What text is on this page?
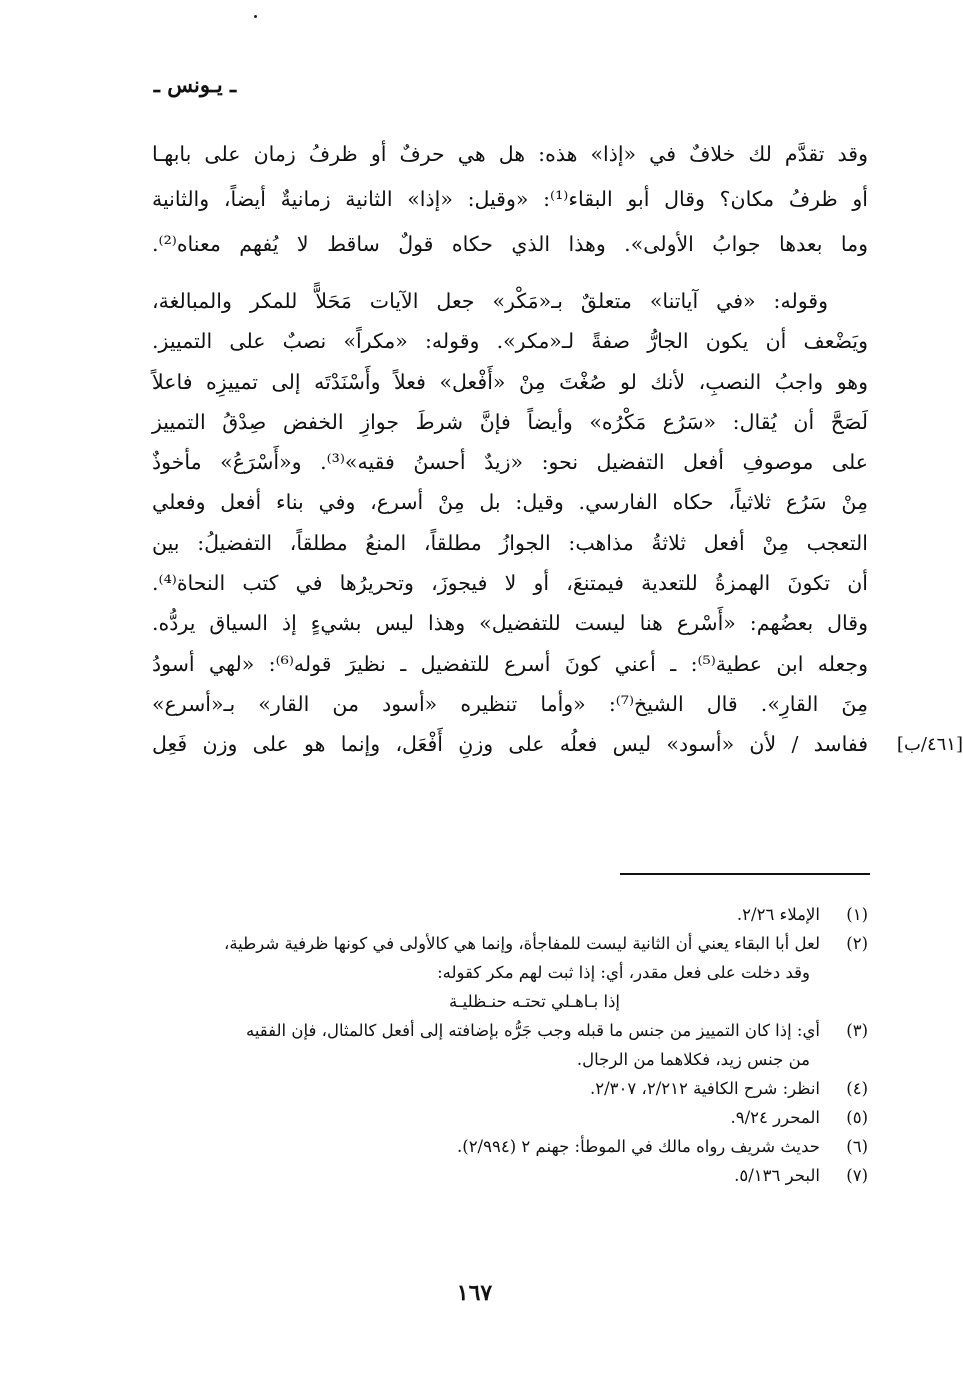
ـ يـونس ـ
وقد تقدَّم لك خلافٌ في «إذا» هذه: هل هي حرفٌ أو ظرفُ زمان على بابهـا
أو ظرفُ مكان؟ وقال أبو البقاء⁽¹⁾: «وقيل: «إذا» الثانية زمانيةٌ أيضاً، والثانية
وما بعدها جوابُ الأولى». وهذا الذي حكاه قولٌ ساقط لا يُفهم معناه⁽²⁾.
وقوله: «في آياتنا» متعلقٌ بـ«مَكْر» جعل الآيات مَحَلاًّ للمكر والمبالغة،
ويَضْعف أن يكون الجارُّ صفةً لـ«مكر». وقوله: «مكراً» نصبٌ على التمييز.
وهو واجبُ النصبِ، لأنك لو صُغْتَ مِنْ «أَفْعل» فعلاً وأَسْنَدْتَه إلى تمييزِه فاعلاً
لَصَحَّ أن يُقال: «سَرُع مَكْرُه» وأيضاً فإنَّ شرطَ جوازِ الخفض صِدْقُ التمييز
على موصوفِ أفعل التفضيل نحو: «زيدٌ أحسنُ فقيه»⁽³⁾. و«أَسْرَعُ» مأخوذٌ
مِنْ سَرُع ثلاثياً، حكاه الفارسي. وقيل: بل مِنْ أسرع، وفي بناء أفعل وفعلي
التعجب مِنْ أفعل ثلاثةُ مذاهب: الجوازُ مطلقاً، المنعُ مطلقاً، التفضيلُ: بين
أن تكونَ الهمزةُ للتعدية فيمتنعَ، أو لا فيجوزَ، وتحريرُها في كتب النحاة⁽⁴⁾.
وقال بعضُهم: «أَسْرع هنا ليست للتفضيل» وهذا ليس بشيءٍ إذ السياق يردُّه.
وجعله ابن عطية⁽⁵⁾: ـ أعني كونَ أسرع للتفضيل ـ نظيرَ قوله⁽⁶⁾: «لهي أسودُ
مِنَ القارِ». قال الشيخ⁽⁷⁾: «وأما تنظيره «أسود من القار» بـ«أسرع»
ففاسد / لأن «أسود» ليس فعلُه على وزنِ أَفْعَل، وإنما هو على وزن فَعِل [٤٦١/ب]
(١)
الإملاء ٢/٢٦.
(٢)
لعل أبا البقاء يعني أن الثانية ليست للمفاجأة، وإنما هي كالأولى في كونها ظرفية شرطية،
وقد دخلت على فعل مقدر، أي: إذا ثبت لهم مكر كقوله:
إذا بـاهـلي تحتـه حنـظليـة
(٣)
أي: إذا كان التمييز من جنس ما قبله وجب جَرُّه بإضافته إلى أفعل كالمثال، فإن الفقيه
من جنس زيد، فكلاهما من الرجال.
(٤)
انظر: شرح الكافية ٢/٢١٢، ٢/٣٠٧.
(٥)
المحرر ٩/٢٤.
(٦)
حديث شريف رواه مالك في الموطأ: جهنم ٢ (٢/٩٩٤).
(٧)
البحر ٥/١٣٦.
١٦٧
